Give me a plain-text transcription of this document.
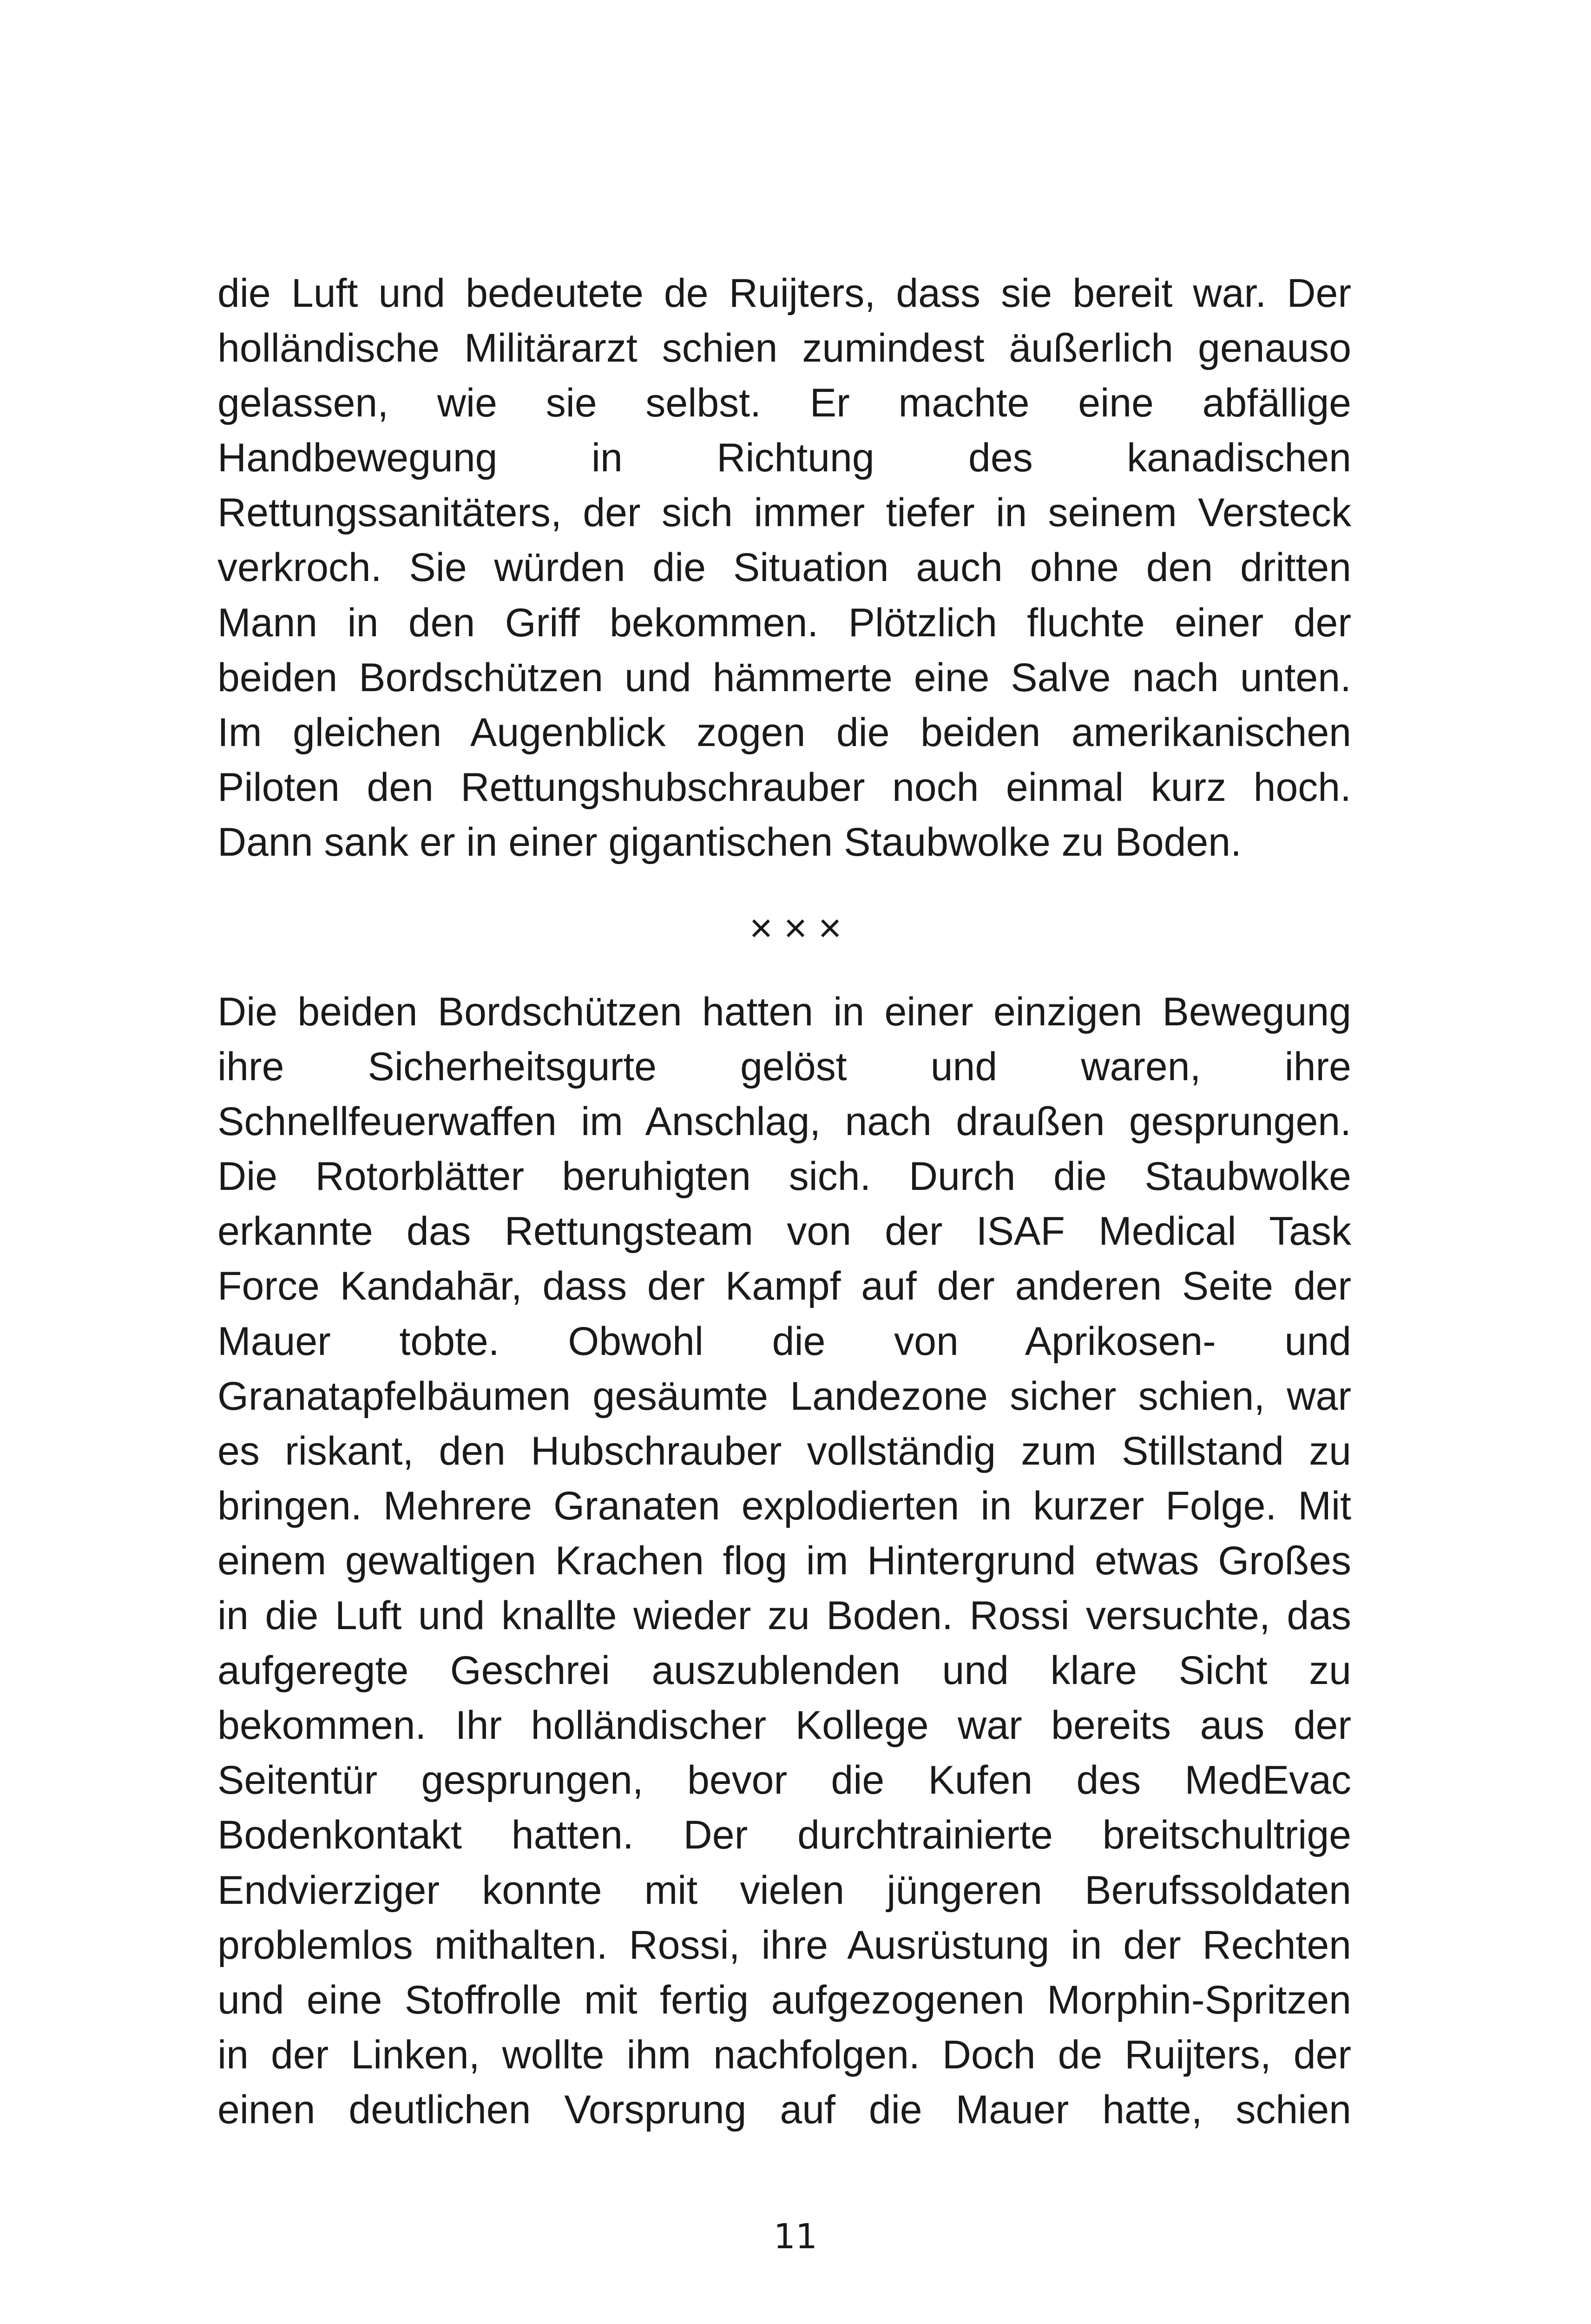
die Luft und bedeutete de Ruijters, dass sie bereit war. Der
holländische Militärarzt schien zumindest äußerlich genauso
gelassen, wie sie selbst. Er machte eine abfällige
Handbewegung in Richtung des kanadischen
Rettungssanitäters, der sich immer tiefer in seinem Versteck
verkroch. Sie würden die Situation auch ohne den dritten
Mann in den Griff bekommen. Plötzlich fluchte einer der
beiden Bordschützen und hämmerte eine Salve nach unten.
Im gleichen Augenblick zogen die beiden amerikanischen
Piloten den Rettungshubschrauber noch einmal kurz hoch.
Dann sank er in einer gigantischen Staubwolke zu Boden.
× × ×
Die beiden Bordschützen hatten in einer einzigen Bewegung
ihre Sicherheitsgurte gelöst und waren, ihre
Schnellfeuerwaffen im Anschlag, nach draußen gesprungen.
Die Rotorblätter beruhigten sich. Durch die Staubwolke
erkannte das Rettungsteam von der ISAF Medical Task
Force Kandahār, dass der Kampf auf der anderen Seite der
Mauer tobte. Obwohl die von Aprikosen- und
Granatapfelbäumen gesäumte Landezone sicher schien, war
es riskant, den Hubschrauber vollständig zum Stillstand zu
bringen. Mehrere Granaten explodierten in kurzer Folge. Mit
einem gewaltigen Krachen flog im Hintergrund etwas Großes
in die Luft und knallte wieder zu Boden. Rossi versuchte, das
aufgeregte Geschrei auszublenden und klare Sicht zu
bekommen. Ihr holländischer Kollege war bereits aus der
Seitentür gesprungen, bevor die Kufen des MedEvac
Bodenkontakt hatten. Der durchtrainierte breitschultrige
Endvierziger konnte mit vielen jüngeren Berufssoldaten
problemlos mithalten. Rossi, ihre Ausrüstung in der Rechten
und eine Stoffrolle mit fertig aufgezogenen Morphin-Spritzen
in der Linken, wollte ihm nachfolgen. Doch de Ruijters, der
einen deutlichen Vorsprung auf die Mauer hatte, schien
11
